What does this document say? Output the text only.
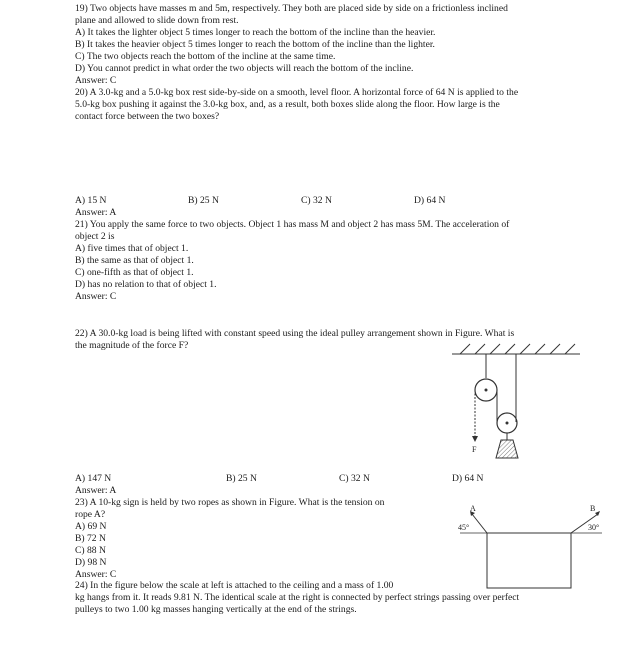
19) Two objects have masses m and 5m, respectively. They both are placed side by side on a frictionless inclined
plane and allowed to slide down from rest.
A) It takes the lighter object 5 times longer to reach the bottom of the incline than the heavier.
B) It takes the heavier object 5 times longer to reach the bottom of the incline than the lighter.
C) The two objects reach the bottom of the incline at the same time.
D) You cannot predict in what order the two objects will reach the bottom of the incline.
Answer: C
20) A 3.0-kg and a 5.0-kg box rest side-by-side on a smooth, level floor. A horizontal force of 64 N is applied to the
5.0-kg box pushing it against the 3.0-kg box, and, as a result, both boxes slide along the floor. How large is the
contact force between the two boxes?
A) 15 N	B) 25 N	C) 32 N	D) 64 N
Answer: A
21) You apply the same force to two objects. Object 1 has mass M and object 2 has mass 5M. The acceleration of
object 2 is
A) five times that of object 1.
B) the same as that of object 1.
C) one-fifth as that of object 1.
D) has no relation to that of object 1.
Answer: C
22) A 30.0-kg load is being lifted with constant speed using the ideal pulley arrangement shown in Figure. What is
the magnitude of the force F?
F
A) 147 N	B) 25 N	C) 32 N	D) 64 N
Answer: A
23) A 10-kg sign is held by two ropes as shown in Figure. What is the tension on
rope A?
A) 69 N
B) 72 N
C) 88 N
D) 98 N
Answer: C
A
45°
B
30°
24) In the figure below the scale at left is attached to the ceiling and a mass of 1.00
kg hangs from it. It reads 9.81 N. The identical scale at the right is connected by perfect strings passing over perfect
pulleys to two 1.00 kg masses hanging vertically at the end of the strings.
